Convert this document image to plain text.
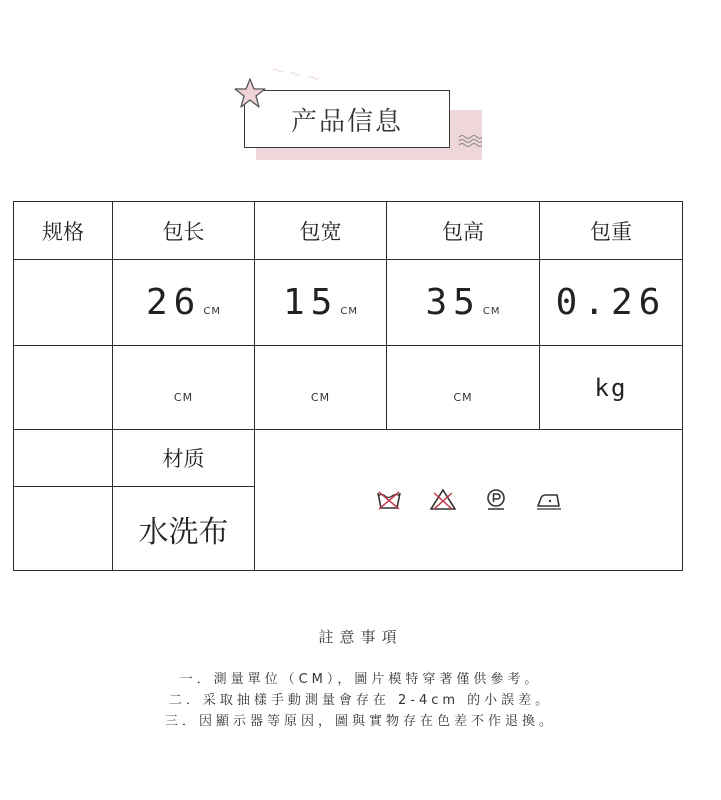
~~~
产品信息
规格	包长	包宽	包高	包重
	26 CM	15 CM	35 CM	0.26
	$_{CM}$	$_{CM}$	$_{CM}$	kg
	材质	

	水洗布			
註意事項
一．測量單位（CM），圖片模特穿著僅供參考。
二．采取抽樣手動測量會存在 2-4cm 的小誤差。
三．因顯示器等原因，圖與實物存在色差不作退換。
